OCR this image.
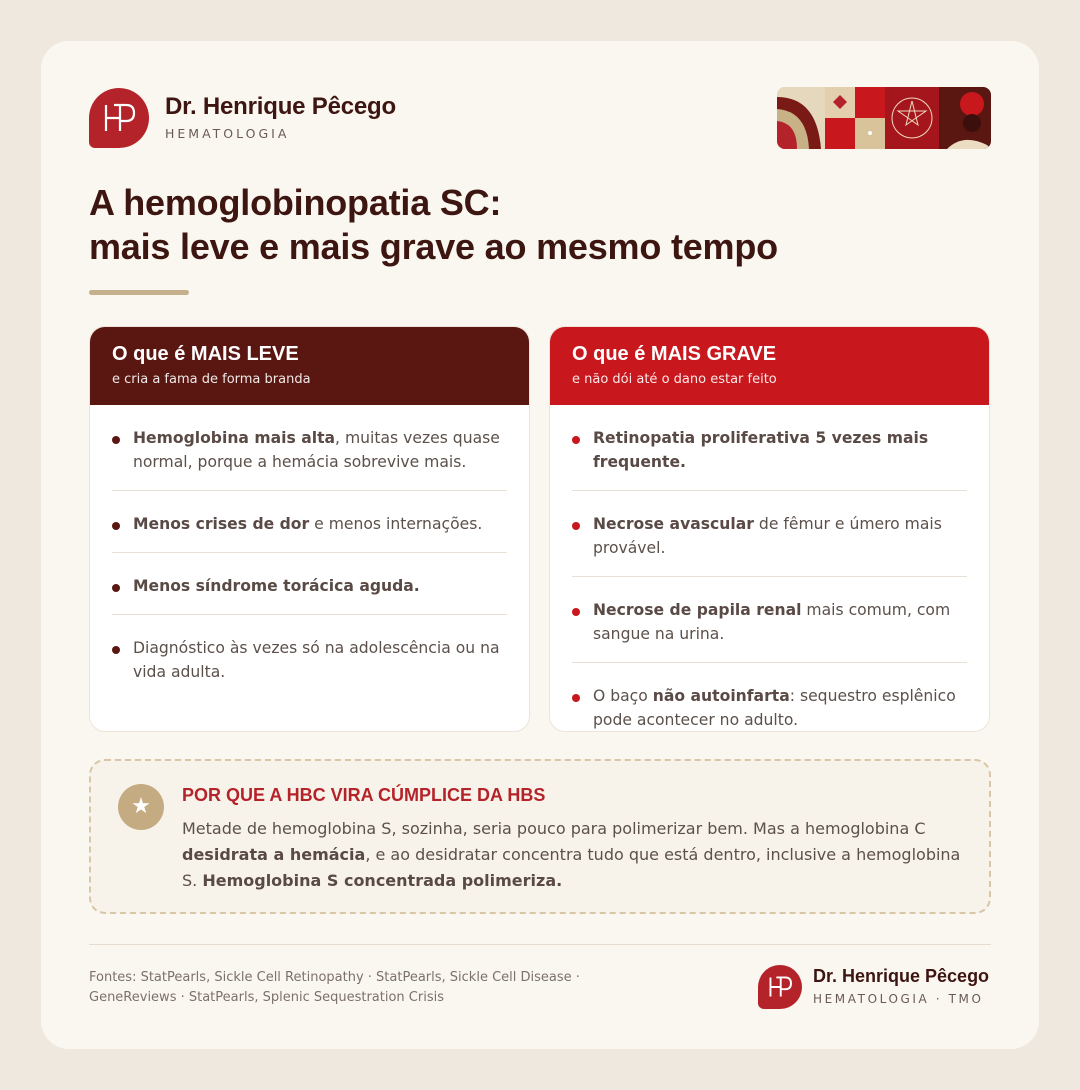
Dr. Henrique Pêcego
HEMATOLOGIA
A hemoglobinopatia SC:
mais leve e mais grave ao mesmo tempo
O que é MAIS LEVE
e cria a fama de forma branda
Hemoglobina mais alta, muitas vezes quase normal, porque a hemácia sobrevive mais.
Menos crises de dor e menos internações.
Menos síndrome torácica aguda.
Diagnóstico às vezes só na adolescência ou na vida adulta.
O que é MAIS GRAVE
e não dói até o dano estar feito
Retinopatia proliferativa 5 vezes mais frequente.
Necrose avascular de fêmur e úmero mais provável.
Necrose de papila renal mais comum, com sangue na urina.
O baço não autoinfarta: sequestro esplênico pode acontecer no adulto.
★	POR QUE A HBC VIRA CÚMPLICE DA HBS
Metade de hemoglobina S, sozinha, seria pouco para polimerizar bem. Mas a hemoglobina C desidrata a hemácia, e ao desidratar concentra tudo que está dentro, inclusive a hemoglobina S. Hemoglobina S concentrada polimeriza.
Fontes: StatPearls, Sickle Cell Retinopathy · StatPearls, Sickle Cell Disease · GeneReviews · StatPearls, Splenic Sequestration Crisis
Dr. Henrique Pêcego
HEMATOLOGIA · TMO
